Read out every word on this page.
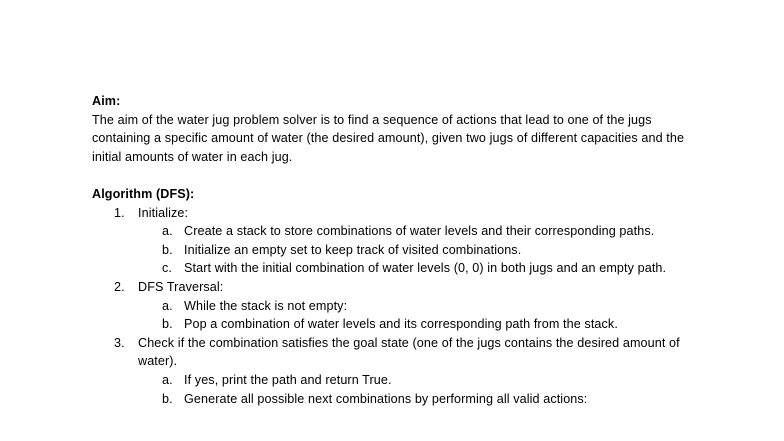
Aim:

The aim of the water jug problem solver is to find a sequence of actions that lead to one of the jugs containing a specific amount of water (the desired amount), given two jugs of different capacities and the initial amounts of water in each jug.

Algorithm (DFS):

1. Initialize:
a. Create a stack to store combinations of water levels and their corresponding paths.
b. Initialize an empty set to keep track of visited combinations.
c. Start with the initial combination of water levels (0, 0) in both jugs and an empty path.
2. DFS Traversal:
a. While the stack is not empty:
b. Pop a combination of water levels and its corresponding path from the stack.
3. Check if the combination satisfies the goal state (one of the jugs contains the desired amount of water).
a. If yes, print the path and return True.
b. Generate all possible next combinations by performing all valid actions:
